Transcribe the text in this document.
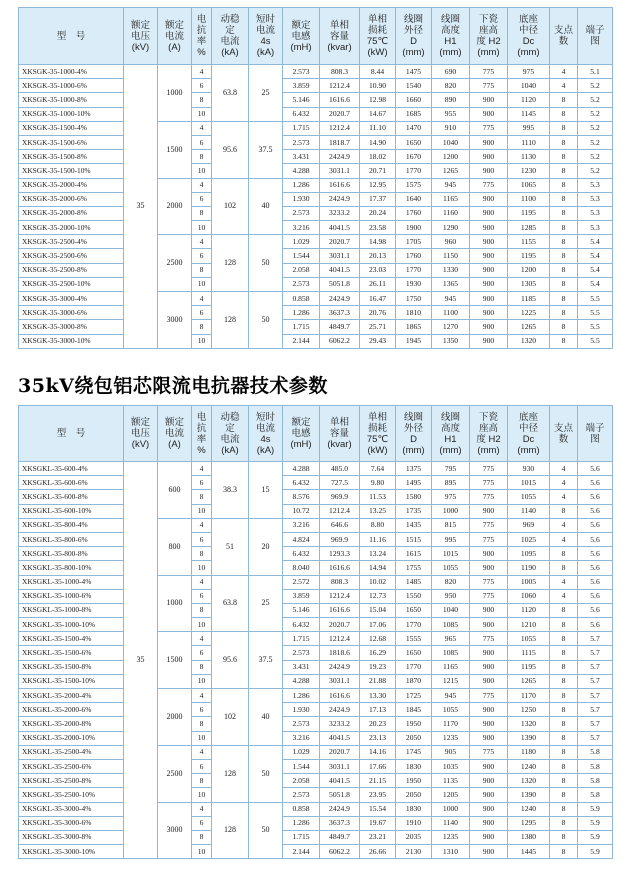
型　号	额定
电压
(kV)	额定
电流
(A)	电
抗
率
%	动稳
定
电流
(kA)	短时
电流
4s
(kA)	额定
电感
(mH)	单相
容量
(kvar)	单相
损耗
75℃
(kW)	线圈
外径
D
(mm)	线圈
高度
H1
(mm)	下瓷
座高
度 H2
(mm)	底座
中径
Dc
(mm)	支点
数	端子
图

XKSGK-35-1000-4%	35	1000	4	63.8	25	2.573	808.3	8.44	1475	690	775	975	4	5.1
XKSGK-35-1000-6%			6			3.859	1212.4	10.90	1540	820	775	1040	4	5.2
XKSGK-35-1000-8%			8			5.146	1616.6	12.98	1660	890	900	1120	8	5.2
XKSGK-35-1000-10%			10			6.432	2020.7	14.67	1685	955	900	1145	8	5.2
XKSGK-35-1500-4%		1500	4	95.6	37.5	1.715	1212.4	11.10	1470	910	775	995	8	5.2
XKSGK-35-1500-6%			6			2.573	1818.7	14.90	1650	1040	900	1110	8	5.2
XKSGK-35-1500-8%			8			3.431	2424.9	18.02	1670	1200	900	1130	8	5.2
XKSGK-35-1500-10%			10			4.288	3031.1	20.71	1770	1265	900	1230	8	5.2
XKSGK-35-2000-4%		2000	4	102	40	1.286	1616.6	12.95	1575	945	775	1065	8	5.3
XKSGK-35-2000-6%			6			1.930	2424.9	17.37	1640	1165	900	1100	8	5.3
XKSGK-35-2000-8%			8			2.573	3233.2	20.24	1760	1160	900	1195	8	5.3
XKSGK-35-2000-10%			10			3.216	4041.5	23.58	1900	1290	900	1285	8	5.3
XKSGK-35-2500-4%		2500	4	128	50	1.029	2020.7	14.98	1705	960	900	1155	8	5.4
XKSGK-35-2500-6%			6			1.544	3031.1	20.13	1760	1150	900	1195	8	5.4
XKSGK-35-2500-8%			8			2.058	4041.5	23.03	1770	1330	900	1200	8	5.4
XKSGK-35-2500-10%			10			2.573	5051.8	26.11	1930	1365	900	1305	8	5.4
XKSGK-35-3000-4%		3000	4	128	50	0.858	2424.9	16.47	1750	945	900	1185	8	5.5
XKSGK-35-3000-6%			6			1.286	3637.3	20.76	1810	1100	900	1225	8	5.5
XKSGK-35-3000-8%			8			1.715	4849.7	25.71	1865	1270	900	1265	8	5.5
XKSGK-35-3000-10%			10			2.144	6062.2	29.43	1945	1350	900	1320	8	5.5
35kV绕包铝芯限流电抗器技术参数
型　号	额定
电压
(kV)	额定
电流
(A)	电
抗
率
%	动稳
定
电流
(kA)	短时
电流
4s
(kA)	额定
电感
(mH)	单相
容量
(kvar)	单相
损耗
75℃
(kW)	线圈
外径
D
(mm)	线圈
高度
H1
(mm)	下瓷
座高
度 H2
(mm)	底座
中径
Dc
(mm)	支点
数	端子
图

XKSGKL-35-600-4%	35	600	4	38.3	15	4.288	485.0	7.64	1375	795	775	930	4	5.6
XKSGKL-35-600-6%			6			6.432	727.5	9.80	1495	895	775	1015	4	5.6
XKSGKL-35-600-8%			8			8.576	969.9	11.53	1580	975	775	1055	4	5.6
XKSGKL-35-600-10%			10			10.72	1212.4	13.25	1735	1000	900	1140	8	5.6
XKSGKL-35-800-4%		800	4	51	20	3.216	646.6	8.80	1435	815	775	969	4	5.6
XKSGKL-35-800-6%			6			4.824	969.9	11.16	1515	995	775	1025	4	5.6
XKSGKL-35-800-8%			8			6.432	1293.3	13.24	1615	1015	900	1095	8	5.6
XKSGKL-35-800-10%			10			8.040	1616.6	14.94	1755	1055	900	1190	8	5.6
XKSGKL-35-1000-4%		1000	4	63.8	25	2.572	808.3	10.02	1485	820	775	1005	4	5.6
XKSGKL-35-1000-6%			6			3.859	1212.4	12.73	1550	950	775	1060	4	5.6
XKSGKL-35-1000-8%			8			5.146	1616.6	15.04	1650	1040	900	1120	8	5.6
XKSGKL-35-1000-10%			10			6.432	2020.7	17.06	1770	1085	900	1210	8	5.6
XKSGKL-35-1500-4%		1500	4	95.6	37.5	1.715	1212.4	12.68	1555	965	775	1055	8	5.7
XKSGKL-35-1500-6%			6			2.573	1818.6	16.29	1650	1085	900	1115	8	5.7
XKSGKL-35-1500-8%			8			3.431	2424.9	19.23	1770	1165	900	1195	8	5.7
XKSGKL-35-1500-10%			10			4.288	3031.1	21.88	1870	1215	900	1265	8	5.7
XKSGKL-35-2000-4%		2000	4	102	40	1.286	1616.6	13.30	1725	945	775	1170	8	5.7
XKSGKL-35-2000-6%			6			1.930	2424.9	17.13	1845	1055	900	1250	8	5.7
XKSGKL-35-2000-8%			8			2.573	3233.2	20.23	1950	1170	900	1320	8	5.7
XKSGKL-35-2000-10%			10			3.216	4041.5	23.13	2050	1235	900	1390	8	5.7
XKSGKL-35-2500-4%		2500	4	128	50	1.029	2020.7	14.16	1745	905	775	1180	8	5.8
XKSGKL-35-2500-6%			6			1.544	3031.1	17.66	1830	1035	900	1240	8	5.8
XKSGKL-35-2500-8%			8			2.058	4041.5	21.15	1950	1135	900	1320	8	5.8
XKSGKL-35-2500-10%			10			2.573	5051.8	23.95	2050	1205	900	1390	8	5.8
XKSGKL-35-3000-4%		3000	4	128	50	0.858	2424.9	15.54	1830	1000	900	1240	8	5.9
XKSGKL-35-3000-6%			6			1.286	3637.3	19.67	1910	1140	900	1295	8	5.9
XKSGKL-35-3000-8%			8			1.715	4849.7	23.21	2035	1235	900	1380	8	5.9
XKSGKL-35-3000-10%			10			2.144	6062.2	26.66	2130	1310	900	1445	8	5.9
